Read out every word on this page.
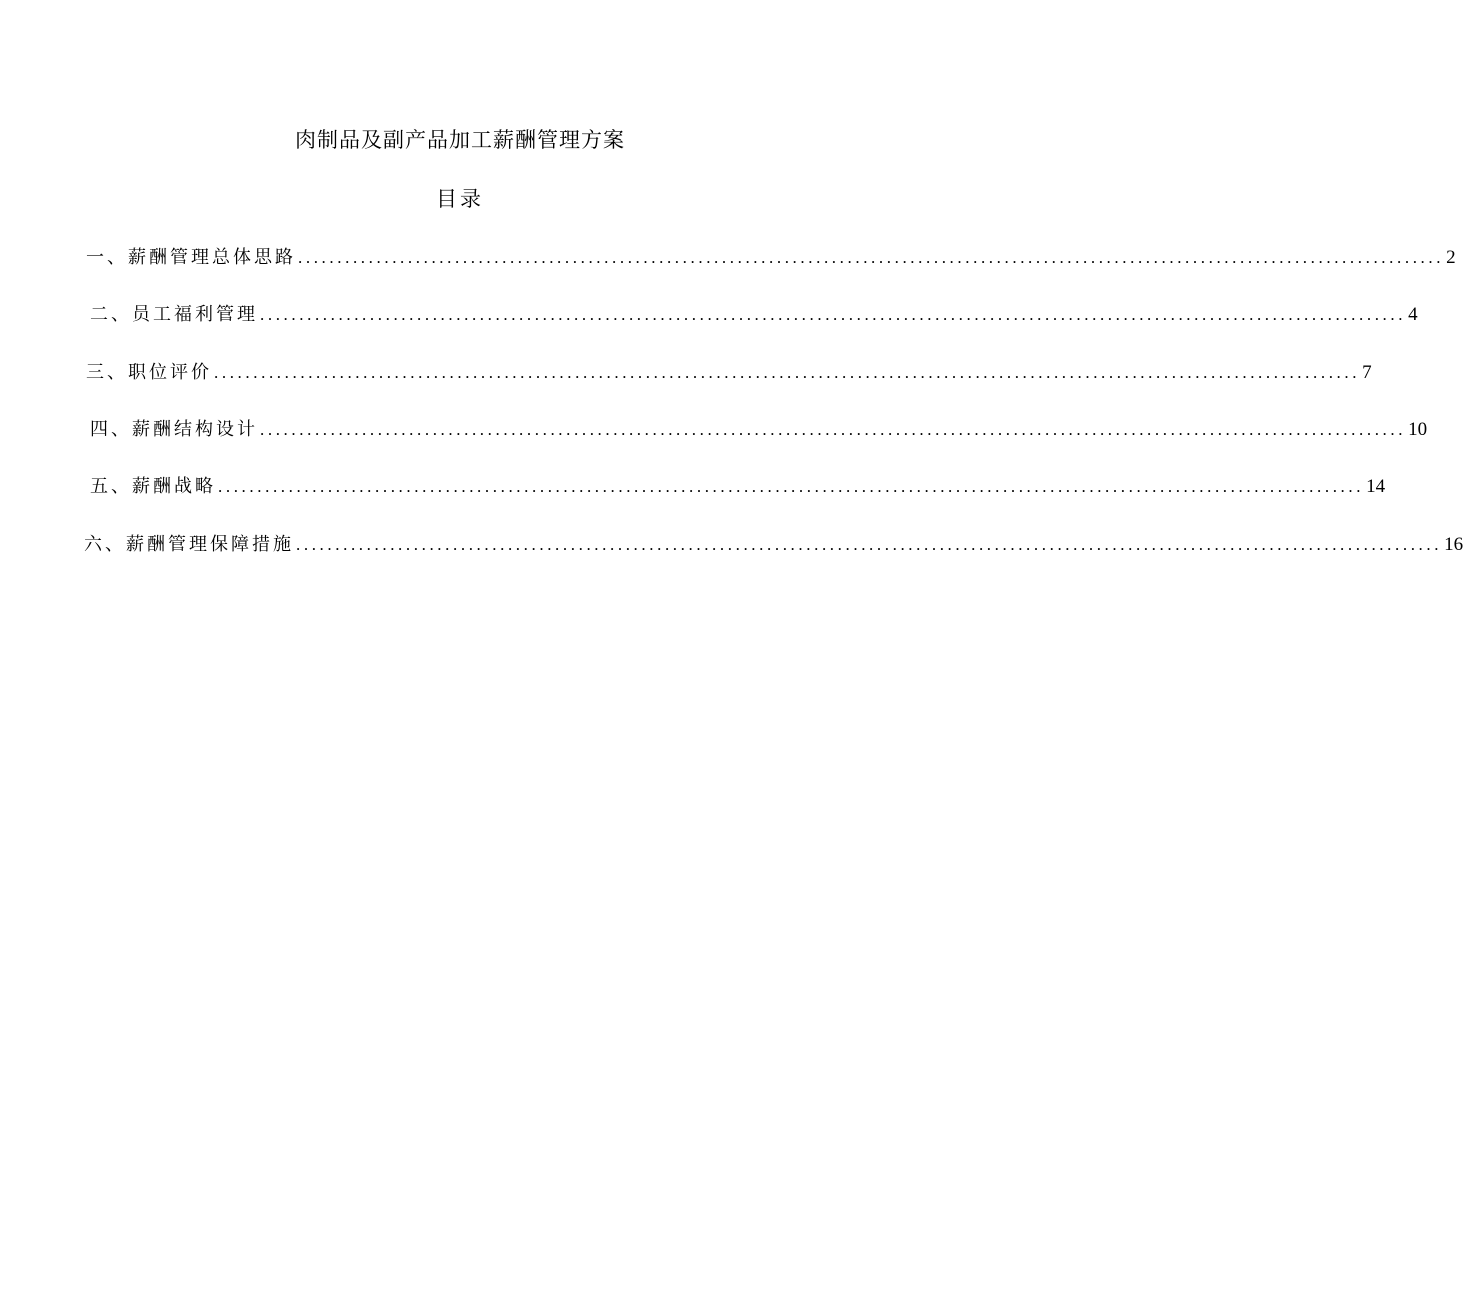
肉制品及副产品加工薪酬管理方案
目录
一、薪酬管理总体思路 .................................................................................................................................................. 2
二、员工福利管理 .................................................................................................................................................. 4
三、职位评价 .................................................................................................................................................. 7
四、薪酬结构设计 .................................................................................................................................................. 10
五、薪酬战略 .................................................................................................................................................. 14
六、薪酬管理保障措施 .................................................................................................................................................. 16
